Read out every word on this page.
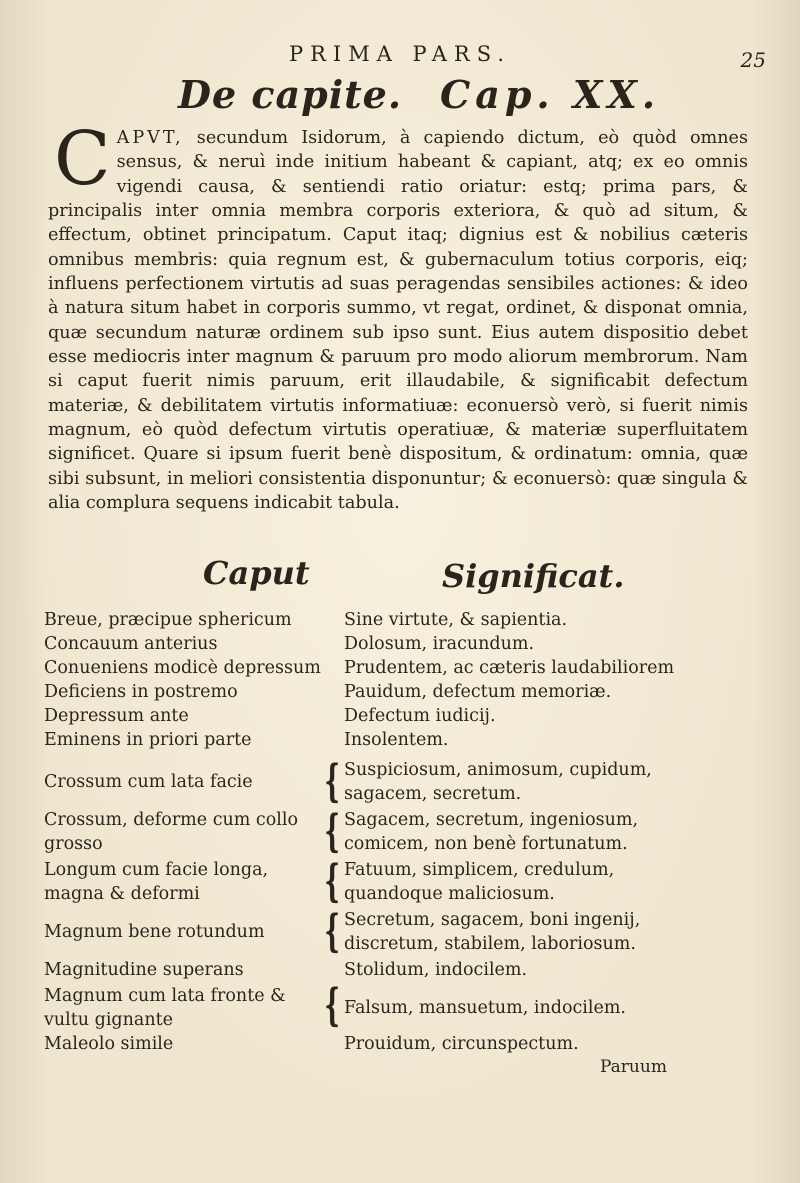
PRIMA PARS.	25
De capite. Cap. XX.
CAPVT, secundum Isidorum, à capiendo dictum, eò quòd omnes sensus, & neruì inde initium habeant & capiant, atq; ex eo omnis vigendi causa, & sentiendi ratio oriatur: estq; prima pars, & principalis inter omnia membra corporis exteriora, & quò ad situm, & effectum, obtinet principatum. Caput itaq; dignius est & nobilius cæteris omnibus membris: quia regnum est, & gubernaculum totius corporis, eiq; influens perfectionem virtutis ad suas peragendas sensibiles actiones: & ideo à natura situm habet in corporis summo, vt regat, ordinet, & disponat omnia, quæ secundum naturæ ordinem sub ipso sunt. Eius autem dispositio debet esse mediocris inter magnum & paruum pro modo aliorum membrorum. Nam si caput fuerit nimis paruum, erit illaudabile, & significabit defectum materiæ, & debilitatem virtutis informatiuæ: econuersò verò, si fuerit nimis magnum, eò quòd defectum virtutis operatiuæ, & materiæ superfluitatem significet. Quare si ipsum fuerit benè dispositum, & ordinatum: omnia, quæ sibi subsunt, in meliori consistentia disponuntur; & econuersò: quæ singula & alia complura sequens indicabit tabula.
Caput	Significat.
Breue, præcipue sphericum	Sine virtute, & sapientia.
Concauum anterius	Dolosum, iracundum.
Conueniens modicè depressum	Prudentem, ac cæteris laudabiliorem
Deficiens in postremo	Pauidum, defectum memoriæ.
Depressum ante	Defectum iudicij.
Eminens in priori parte	Insolentem.
Crossum cum lata facie	{ Suspiciosum, animosum, cupidum, sagacem, secretum.
Crossum, deforme cum collo grosso	{ Sagacem, secretum, ingeniosum, comicem, non benè fortunatum.
Longum cum facie longa, magna & deformi	{ Fatuum, simplicem, credulum, quandoque maliciosum.
Magnum bene rotundum	{ Secretum, sagacem, boni ingenij, discretum, stabilem, laboriosum.
Magnitudine superans	Stolidum, indocilem.
Magnum cum lata fronte & vultu gignante	{ Falsum, mansuetum, indocilem.
Maleolo simile	Prouidum, circunspectum.
Paruum
